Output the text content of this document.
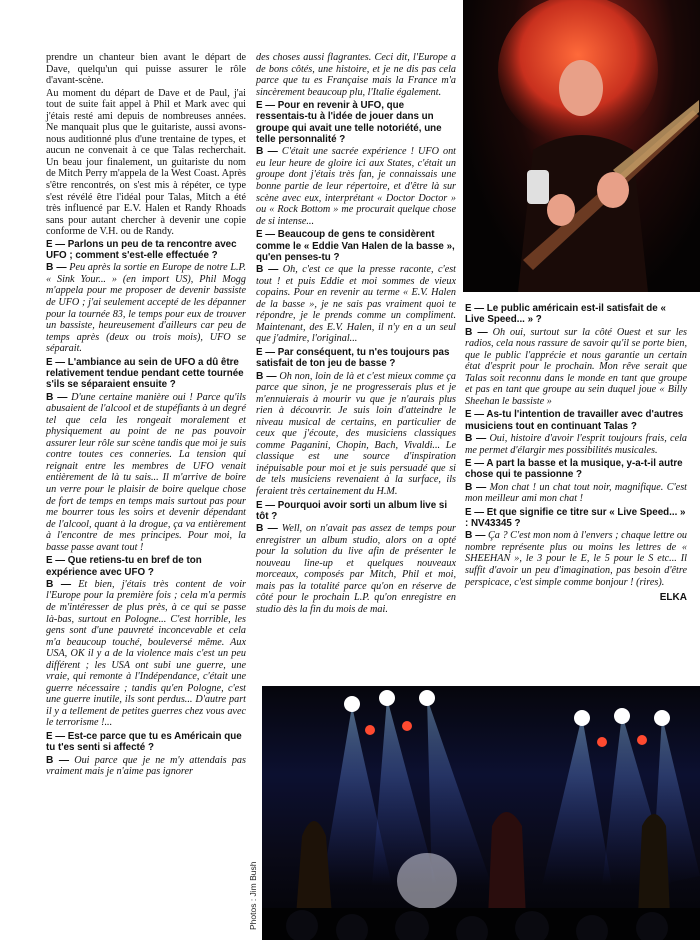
prendre un chanteur bien avant le départ de Dave, quelqu'un qui puisse assurer le rôle d'avant-scène.

Au moment du départ de Dave et de Paul, j'ai tout de suite fait appel à Phil et Mark avec qui j'étais resté ami depuis de nombreuses années. Ne manquait plus que le guitariste, aussi avons-nous auditionné plus d'une trentaine de types, et aucun ne convenait à ce que Talas recherchait. Un beau jour finalement, un guitariste du nom de Mitch Perry m'appela de la West Coast. Après s'être rencontrés, on s'est mis à répéter, ce type s'est révélé être l'idéal pour Talas, Mitch a été très influencé par E.V. Halen et Randy Rhoads sans pour autant chercher à devenir une copie conforme de V.H. ou de Randy.

E — Parlons un peu de ta rencontre avec UFO ; comment s'est-elle effectuée ?

B — Peu après la sortie en Europe de notre L.P. « Sink Your... » (en import US), Phil Mogg m'appela pour me proposer de devenir bassiste de UFO ; j'ai seulement accepté de les dépanner pour la tournée 83, le temps pour eux de trouver un bassiste, heureusement d'ailleurs car peu de temps après (deux ou trois mois), UFO se séparait.

E — L'ambiance au sein de UFO a dû être relativement tendue pendant cette tournée s'ils se séparaient ensuite ?

B — D'une certaine manière oui ! Parce qu'ils abusaient de l'alcool et de stupéfiants à un degré tel que cela les rongeait moralement et physiquement au point de ne pas pouvoir assurer leur rôle sur scène tandis que moi je suis contre toutes ces conneries. La tension qui reignait entre les membres de UFO venait entièrement de là tu sais... Il m'arrive de boire un verre pour le plaisir de boire quelque chose de fort de temps en temps mais surtout pas pour me bourrer tous les soirs et devenir dépendant de l'alcool, quant à la drogue, ça va entièrement à l'encontre de mes principes. Pour moi, la basse passe avant tout !

E — Que retiens-tu en bref de ton expérience avec UFO ?

B — Et bien, j'étais très content de voir l'Europe pour la première fois ; cela m'a permis de m'intéresser de plus près, à ce qui se passe là-bas, surtout en Pologne... C'est horrible, les gens sont d'une pauvreté inconcevable et cela m'a beaucoup touché, bouleversé même. Aux USA, OK il y a de la violence mais c'est un peu différent ; les USA ont subi une guerre, une vraie, qui remonte à l'Indépendance, c'était une guerre nécessaire ; tandis qu'en Pologne, c'est une guerre inutile, ils sont perdus... D'autre part il y a tellement de petites guerres chez vous avec le terrorisme !...

E — Est-ce parce que tu es Américain que tu t'es senti si affecté ?

B — Oui parce que je ne m'y attendais pas vraiment mais je n'aime pas ignorer

des choses aussi flagrantes. Ceci dit, l'Europe a de bons côtés, une histoire, et je ne dis pas cela parce que tu es Française mais la France m'a sincèrement beaucoup plu, l'Italie également.

E — Pour en revenir à UFO, que ressentais-tu à l'idée de jouer dans un groupe qui avait une telle notoriété, une telle personnalité ?

B — C'était une sacrée expérience ! UFO ont eu leur heure de gloire ici aux States, c'était un groupe dont j'étais très fan, je connaissais une bonne partie de leur répertoire, et d'être là sur scène avec eux, interprétant « Doctor Doctor » ou « Rock Bottom » me procurait quelque chose de si intense...

E — Beaucoup de gens te considèrent comme le « Eddie Van Halen de la basse », qu'en penses-tu ?

B — Oh, c'est ce que la presse raconte, c'est tout ! et puis Eddie et moi sommes de vieux copains. Pour en revenir au terme « E.V. Halen de la basse », je ne sais pas vraiment quoi te répondre, je le prends comme un compliment. Maintenant, des E.V. Halen, il n'y en a un seul que j'admire, l'original...

E — Par conséquent, tu n'es toujours pas satisfait de ton jeu de basse ?

B — Oh non, loin de là et c'est mieux comme ça parce que sinon, je ne progresserais plus et je m'ennuierais à mourir vu que je n'aurais plus rien à découvrir. Je suis loin d'atteindre le niveau musical de certains, en particulier de ceux que j'écoute, des musiciens classiques comme Paganini, Chopin, Bach, Vivaldi... Le classique est une source d'inspiration inépuisable pour moi et je suis persuadé que si de tels musiciens revenaient à la surface, ils feraient très certainement du H.M.

E — Pourquoi avoir sorti un album live si tôt ?

B — Well, on n'avait pas assez de temps pour enregistrer un album studio, alors on a opté pour la solution du live afin de présenter le nouveau line-up et quelques nouveaux morceaux, composés par Mitch, Phil et moi, mais pas la totalité parce qu'on en réserve de côté pour le prochain L.P. qu'on enregistre en studio dès la fin du mois de mai.

E — Le public américain est-il satisfait de « Live Speed... » ?

B — Oh oui, surtout sur la côté Ouest et sur les radios, cela nous rassure de savoir qu'il se porte bien, que le public l'apprécie et nous garantie un certain état d'esprit pour le prochain. Mon rêve serait que Talas soit reconnu dans le monde en tant que groupe et pas en tant que groupe au sein duquel joue « Billy Sheehan le bassiste »

E — As-tu l'intention de travailler avec d'autres musiciens tout en continuant Talas ?

B — Oui, histoire d'avoir l'esprit toujours frais, cela me permet d'élargir mes possibilités musicales.

E — A part la basse et la musique, y-a-t-il autre chose qui te passionne ?

B — Mon chat ! un chat tout noir, magnifique. C'est mon meilleur ami mon chat !

E — Et que signifie ce titre sur « Live Speed... » : NV43345 ?

B — Ça ? C'est mon nom à l'envers ; chaque lettre ou nombre représente plus ou moins les lettres de « SHEEHAN », le 3 pour le E, le 5 pour le S etc... Il suffit d'avoir un peu d'imagination, pas besoin d'être perspicace, c'est simple comme bonjour ! (rires).

ELKA
Photos : Jim Bush
